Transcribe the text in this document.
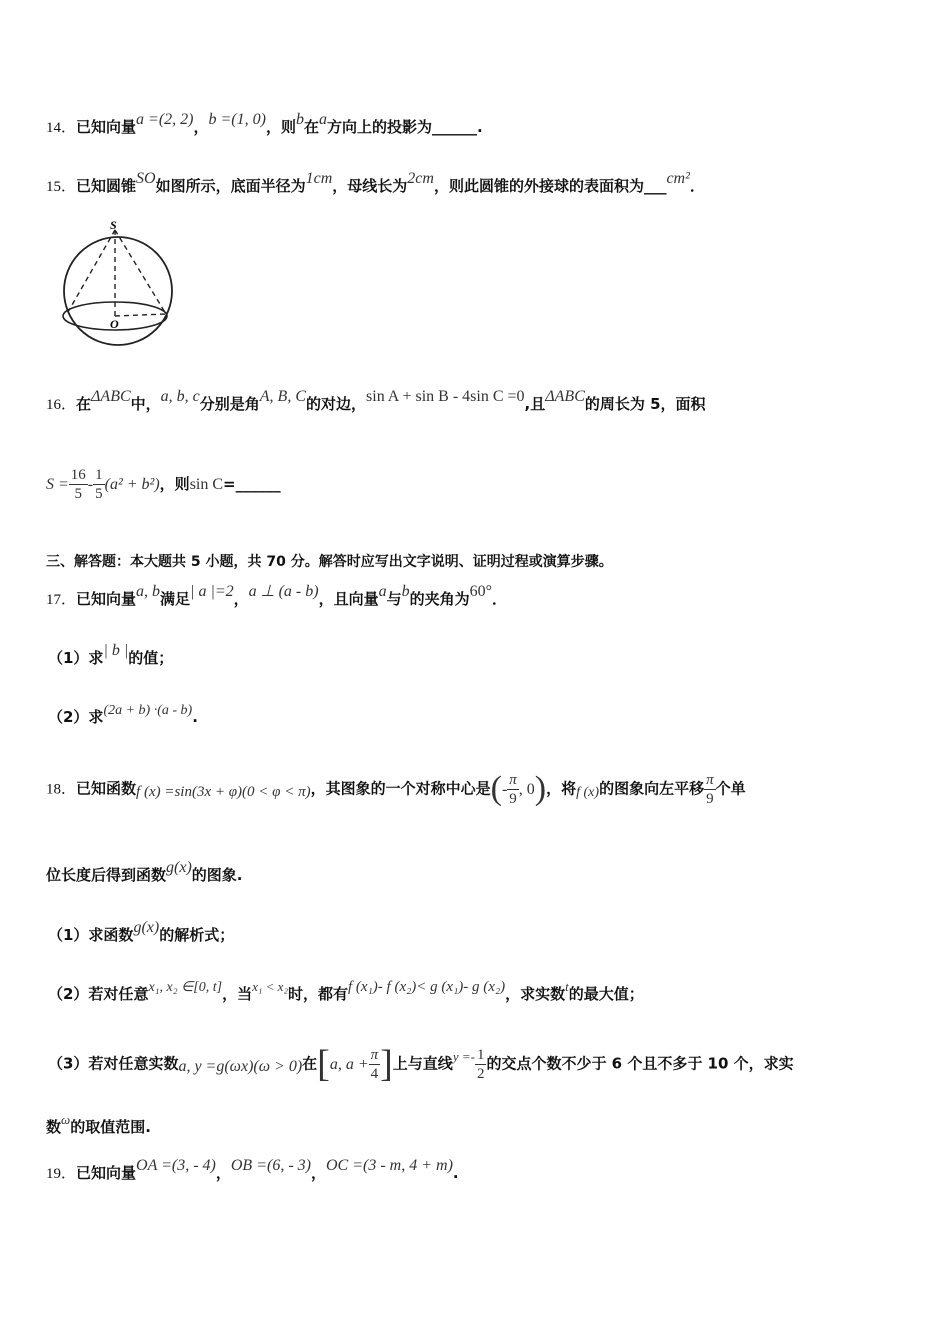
14．已知向量a =(2, 2)，b =(1, 0)，则b在a方向上的投影为______.
15．已知圆锥SO如图所示，底面半径为1cm，母线长为2cm，则此圆锥的外接球的表面积为___cm²．
S
O
16．在ΔABC中，a, b, c分别是角A, B, C的对边，sin A + sin B - 4sin C =0,且ΔABC的周长为 5，面积
$S = \frac{16}{5} - \frac{1}{5} (a^2 + b^2)$，则sin C=______
三、解答题：本大题共 5 小题，共 70 分。解答时应写出文字说明、证明过程或演算步骤。
17．已知向量a, b满足| a |=2，a ⊥ (a - b)，且向量a与b的夹角为60°．
（1）求| b |的值；
（2）求(2a + b) ·(a - b).
18．已知函数f (x) =sin(3x + φ)(0 < φ < π)，其图象的一个对称中心是(- $\frac{\pi}{9}$ , 0)，将f (x)的图象向左平移 $\frac{\pi}{9}$ 个单
位长度后得到函数g(x)的图象.
（1）求函数g(x)的解析式；
（2）若对任意x₁, x₂ ∈[0, t]，当x₁ < x₂时，都有f (x₁)- f (x₂)< g (x₁)- g (x₂)，求实数t的最大值；
（3）若对任意实数a, y =g(ωx)(ω > 0)在[a, $a + \frac{\pi}{4}$ ]上与直线$y =- \frac{1}{2}$ 的交点个数不少于 6 个且不多于 10 个，求实
数ω的取值范围.
19．已知向量OA =(3, - 4)，OB =(6, - 3)，OC =(3 - m, 4 + m).
